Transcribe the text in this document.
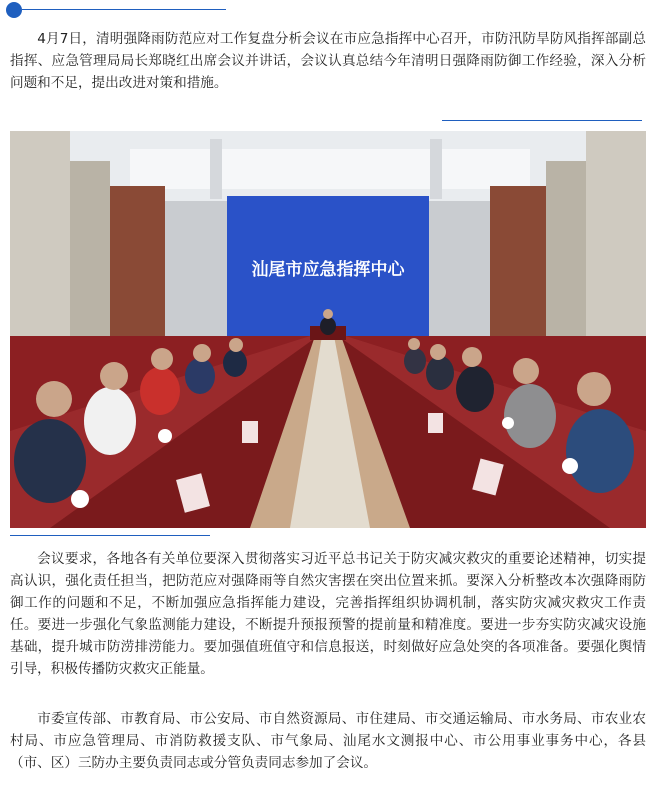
4月7日，清明强降雨防范应对工作复盘分析会议在市应急指挥中心召开，市防汛防旱防风指挥部副总指挥、应急管理局局长郑晓红出席会议并讲话，会议认真总结今年清明日强降雨防御工作经验，深入分析问题和不足，提出改进对策和措施。

汕尾市应急指挥中心

会议要求，各地各有关单位要深入贯彻落实习近平总书记关于防灾减灾救灾的重要论述精神，切实提高认识，强化责任担当，把防范应对强降雨等自然灾害摆在突出位置来抓。要深入分析整改本次强降雨防御工作的问题和不足，不断加强应急指挥能力建设，完善指挥组织协调机制，落实防灾减灾救灾工作责任。要进一步强化气象监测能力建设，不断提升预报预警的提前量和精准度。要进一步夯实防灾减灾设施基础，提升城市防涝排涝能力。要加强值班值守和信息报送，时刻做好应急处突的各项准备。要强化舆情引导，积极传播防灾救灾正能量。

市委宣传部、市教育局、市公安局、市自然资源局、市住建局、市交通运输局、市水务局、市农业农村局、市应急管理局、市消防救援支队、市气象局、汕尾水文测报中心、市公用事业事务中心，各县（市、区）三防办主要负责同志或分管负责同志参加了会议。
